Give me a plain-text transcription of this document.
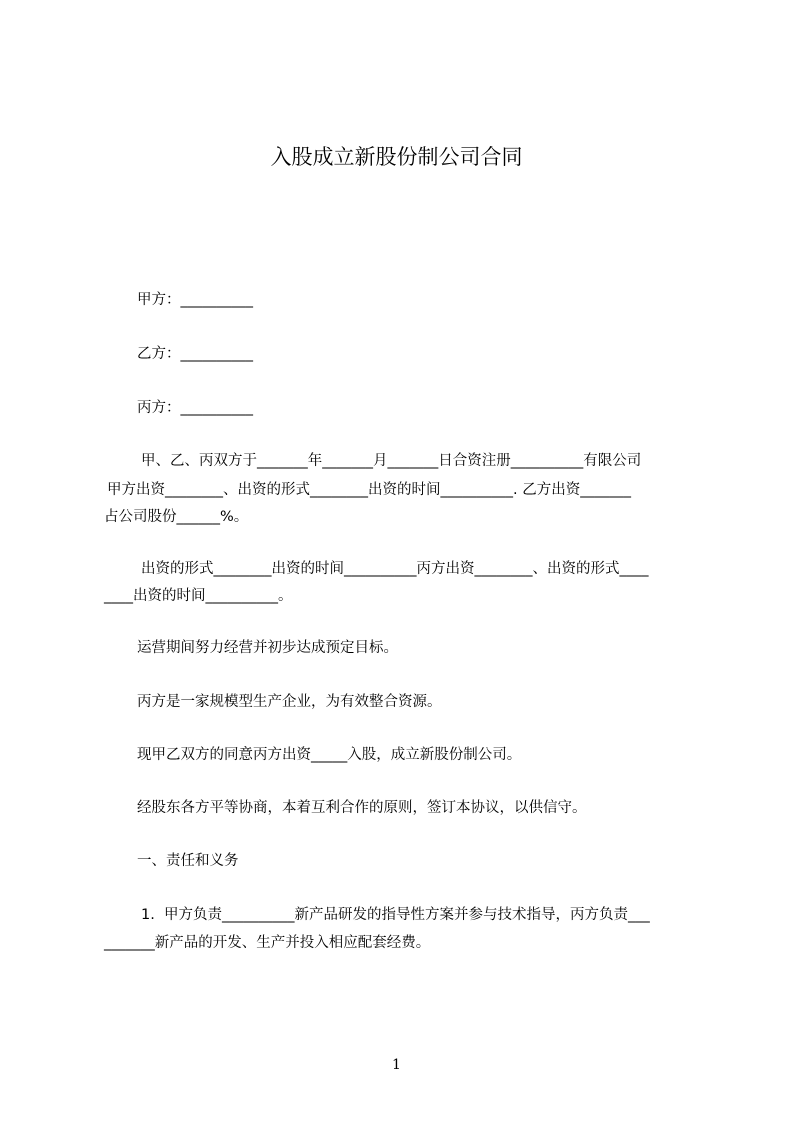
入股成立新股份制公司合同
甲方：__________
乙方：__________
丙方：__________
甲、乙、丙双方于_______年_______月_______日合资注册__________有限公司
甲方出资________、出资的形式________出资的时间__________. 乙方出资_______
占公司股份______%。
出资的形式________出资的时间__________丙方出资________、出资的形式____
____出资的时间__________。
运营期间努力经营并初步达成预定目标。
丙方是一家规模型生产企业，为有效整合资源。
现甲乙双方的同意丙方出资_____入股，成立新股份制公司。
经股东各方平等协商，本着互利合作的原则，签订本协议，以供信守。
一、责任和义务
1.  甲方负责__________新产品研发的指导性方案并参与技术指导，丙方负责___
_______新产品的开发、生产并投入相应配套经费。
1
